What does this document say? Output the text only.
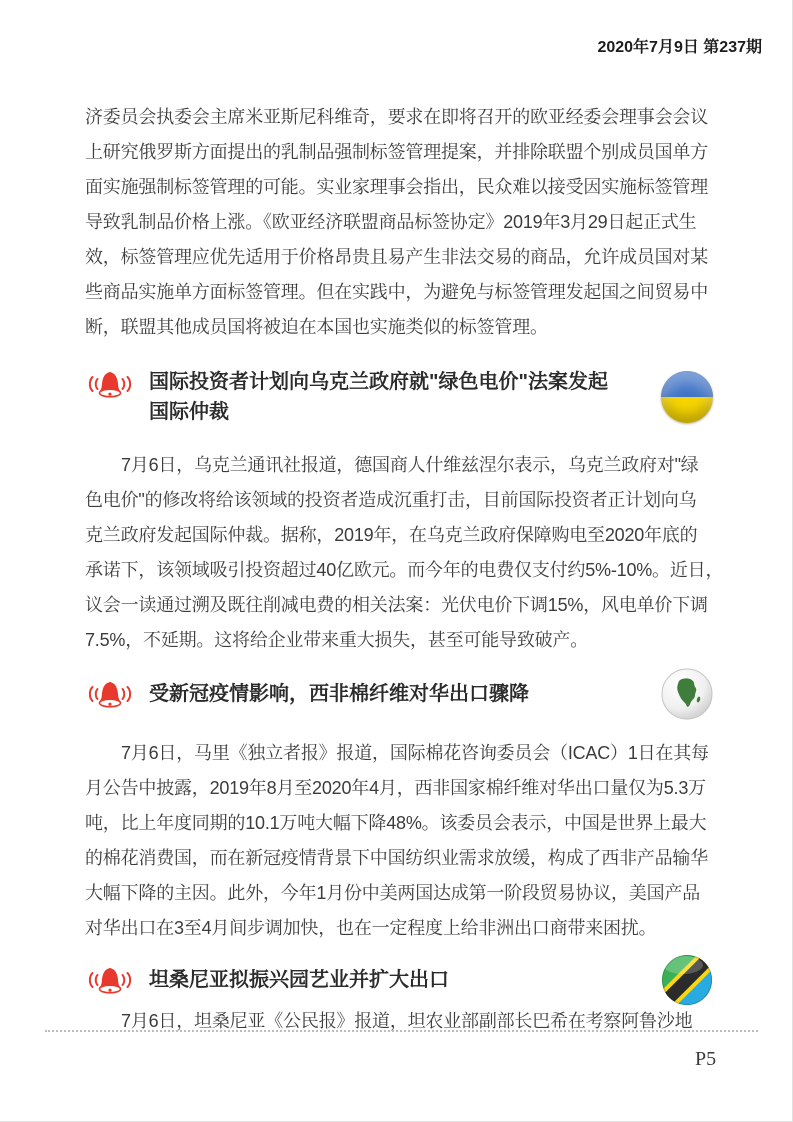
2020年7月9日 第237期
济委员会执委会主席米亚斯尼科维奇，要求在即将召开的欧亚经委会理事会会议
上研究俄罗斯方面提出的乳制品强制标签管理提案，并排除联盟个别成员国单方
面实施强制标签管理的可能。实业家理事会指出，民众难以接受因实施标签管理
导致乳制品价格上涨。《欧亚经济联盟商品标签协定》2019年3月29日起正式生
效，标签管理应优先适用于价格昂贵且易产生非法交易的商品，允许成员国对某
些商品实施单方面标签管理。但在实践中，为避免与标签管理发起国之间贸易中
断，联盟其他成员国将被迫在本国也实施类似的标签管理。
国际投资者计划向乌克兰政府就"绿色电价"法案发起
国际仲裁
7月6日，乌克兰通讯社报道，德国商人什维兹涅尔表示，乌克兰政府对"绿
色电价"的修改将给该领域的投资者造成沉重打击，目前国际投资者正计划向乌
克兰政府发起国际仲裁。据称，2019年，在乌克兰政府保障购电至2020年底的
承诺下，该领域吸引投资超过40亿欧元。而今年的电费仅支付约5%-10%。近日，
议会一读通过溯及既往削减电费的相关法案：光伏电价下调15%，风电单价下调
7.5%，不延期。这将给企业带来重大损失，甚至可能导致破产。
受新冠疫情影响，西非棉纤维对华出口骤降
7月6日，马里《独立者报》报道，国际棉花咨询委员会（ICAC）1日在其每
月公告中披露，2019年8月至2020年4月，西非国家棉纤维对华出口量仅为5.3万
吨，比上年度同期的10.1万吨大幅下降48%。该委员会表示，中国是世界上最大
的棉花消费国，而在新冠疫情背景下中国纺织业需求放缓，构成了西非产品输华
大幅下降的主因。此外，今年1月份中美两国达成第一阶段贸易协议，美国产品
对华出口在3至4月间步调加快，也在一定程度上给非洲出口商带来困扰。
坦桑尼亚拟振兴园艺业并扩大出口
7月6日，坦桑尼亚《公民报》报道，坦农业部副部长巴希在考察阿鲁沙地
P5
